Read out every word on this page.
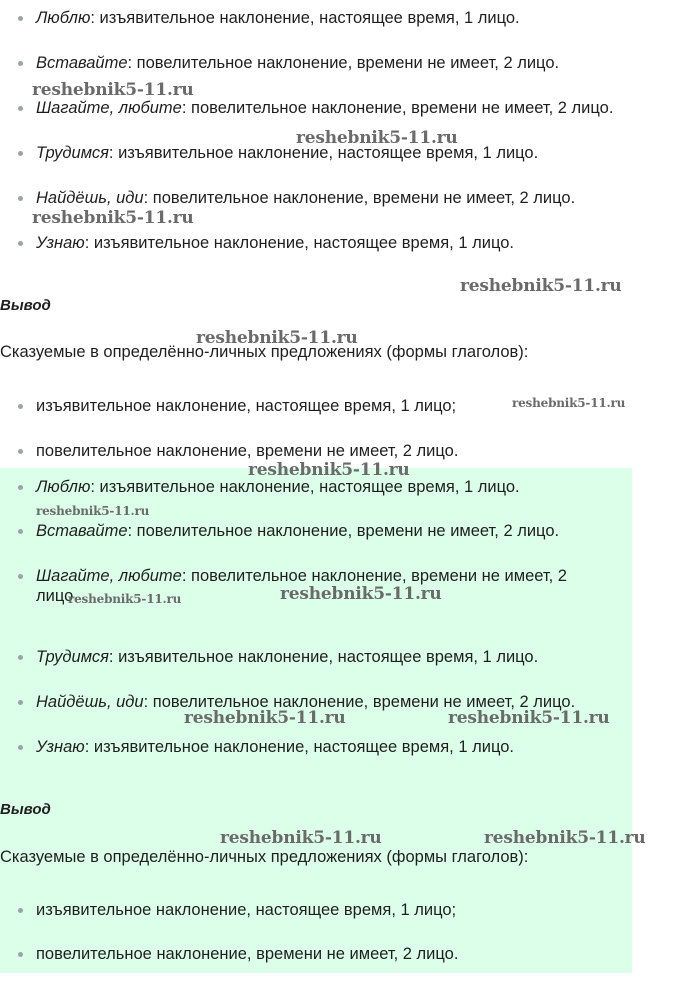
Люблю: изъявительное наклонение, настоящее время, 1 лицо.
Вставайте: повелительное наклонение, времени не имеет, 2 лицо.
Шагайте, любите: повелительное наклонение, времени не имеет, 2 лицо.
Трудимся: изъявительное наклонение, настоящее время, 1 лицо.
Найдёшь, иди: повелительное наклонение, времени не имеет, 2 лицо.
Узнаю: изъявительное наклонение, настоящее время, 1 лицо.
Вывод
Сказуемые в определённо-личных предложениях (формы глаголов):
изъявительное наклонение, настоящее время, 1 лицо;
повелительное наклонение, времени не имеет, 2 лицо.
Люблю: изъявительное наклонение, настоящее время, 1 лицо.
Вставайте: повелительное наклонение, времени не имеет, 2 лицо.
Шагайте, любите: повелительное наклонение, времени не имеет, 2 лицо.
Трудимся: изъявительное наклонение, настоящее время, 1 лицо.
Найдёшь, иди: повелительное наклонение, времени не имеет, 2 лицо.
Узнаю: изъявительное наклонение, настоящее время, 1 лицо.
Вывод
Сказуемые в определённо-личных предложениях (формы глаголов):
изъявительное наклонение, настоящее время, 1 лицо;
повелительное наклонение, времени не имеет, 2 лицо.
reshebnik5-11.ru
reshebnik5-11.ru
reshebnik5-11.ru
reshebnik5-11.ru
reshebnik5-11.ru
reshebnik5-11.ru
reshebnik5-11.ru
reshebnik5-11.ru
reshebnik5-11.ru	reshebnik5-11.ru
reshebnik5-11.ru	reshebnik5-11.ru
reshebnik5-11.ru	reshebnik5-11.ru
